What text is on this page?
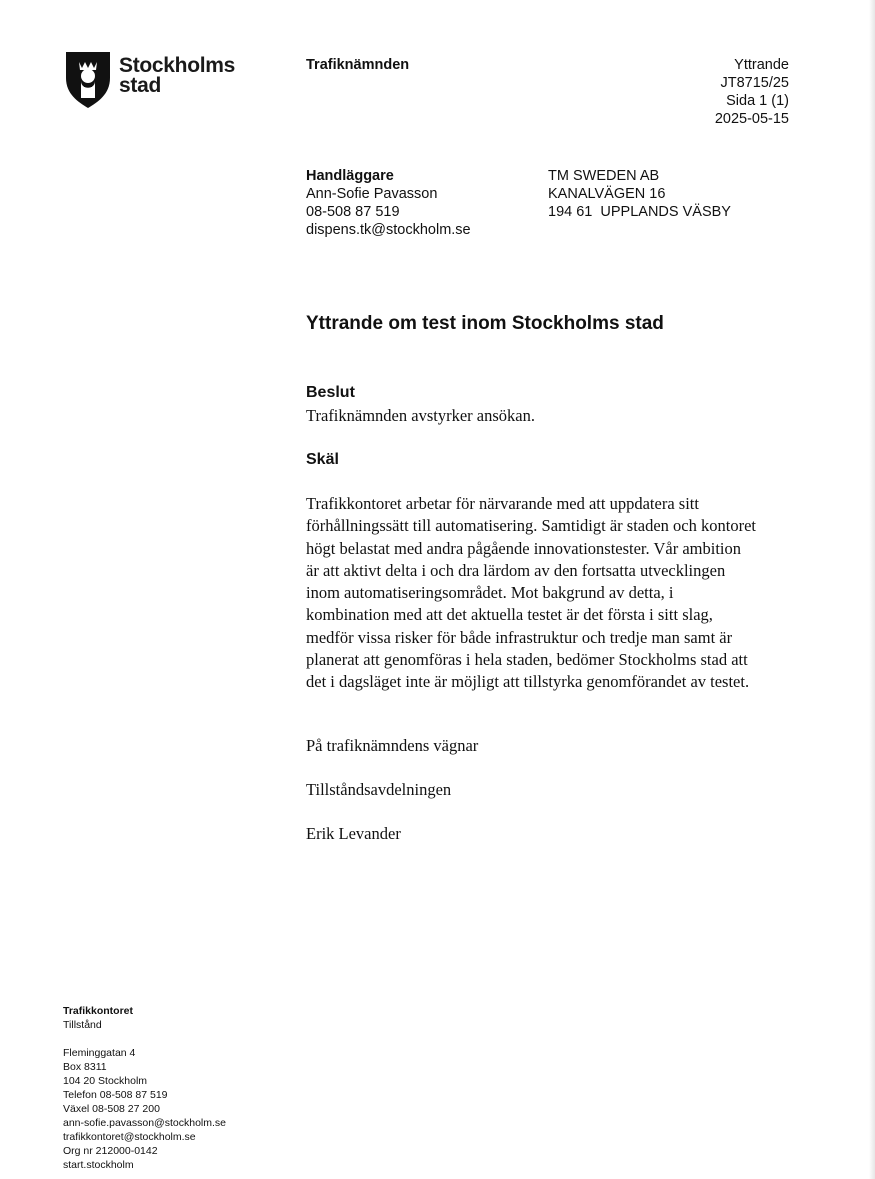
Stockholms
stad
Trafiknämnden	Yttrande
JT8715/25
Sida 1 (1)
2025-05-15
Handläggare
Ann-Sofie Pavasson
08-508 87 519
dispens.tk@stockholm.se
TM SWEDEN AB
KANALVÄGEN 16
194 61  UPPLANDS VÄSBY
Yttrande om test inom Stockholms stad
Beslut
Trafiknämnden avstyrker ansökan.
Skäl
Trafikkontoret arbetar för närvarande med att uppdatera sitt
förhållningssätt till automatisering. Samtidigt är staden och kontoret
högt belastat med andra pågående innovationstester. Vår ambition
är att aktivt delta i och dra lärdom av den fortsatta utvecklingen
inom automatiseringsområdet. Mot bakgrund av detta, i
kombination med att det aktuella testet är det första i sitt slag,
medför vissa risker för både infrastruktur och tredje man samt är
planerat att genomföras i hela staden, bedömer Stockholms stad att
det i dagsläget inte är möjligt att tillstyrka genomförandet av testet.
På trafiknämndens vägnar
Tillståndsavdelningen
Erik Levander
Trafikkontoret
Tillstånd
Fleminggatan 4
Box 8311
104 20 Stockholm
Telefon 08-508 87 519
Växel 08-508 27 200
ann-sofie.pavasson@stockholm.se
trafikkontoret@stockholm.se
Org nr 212000-0142
start.stockholm
